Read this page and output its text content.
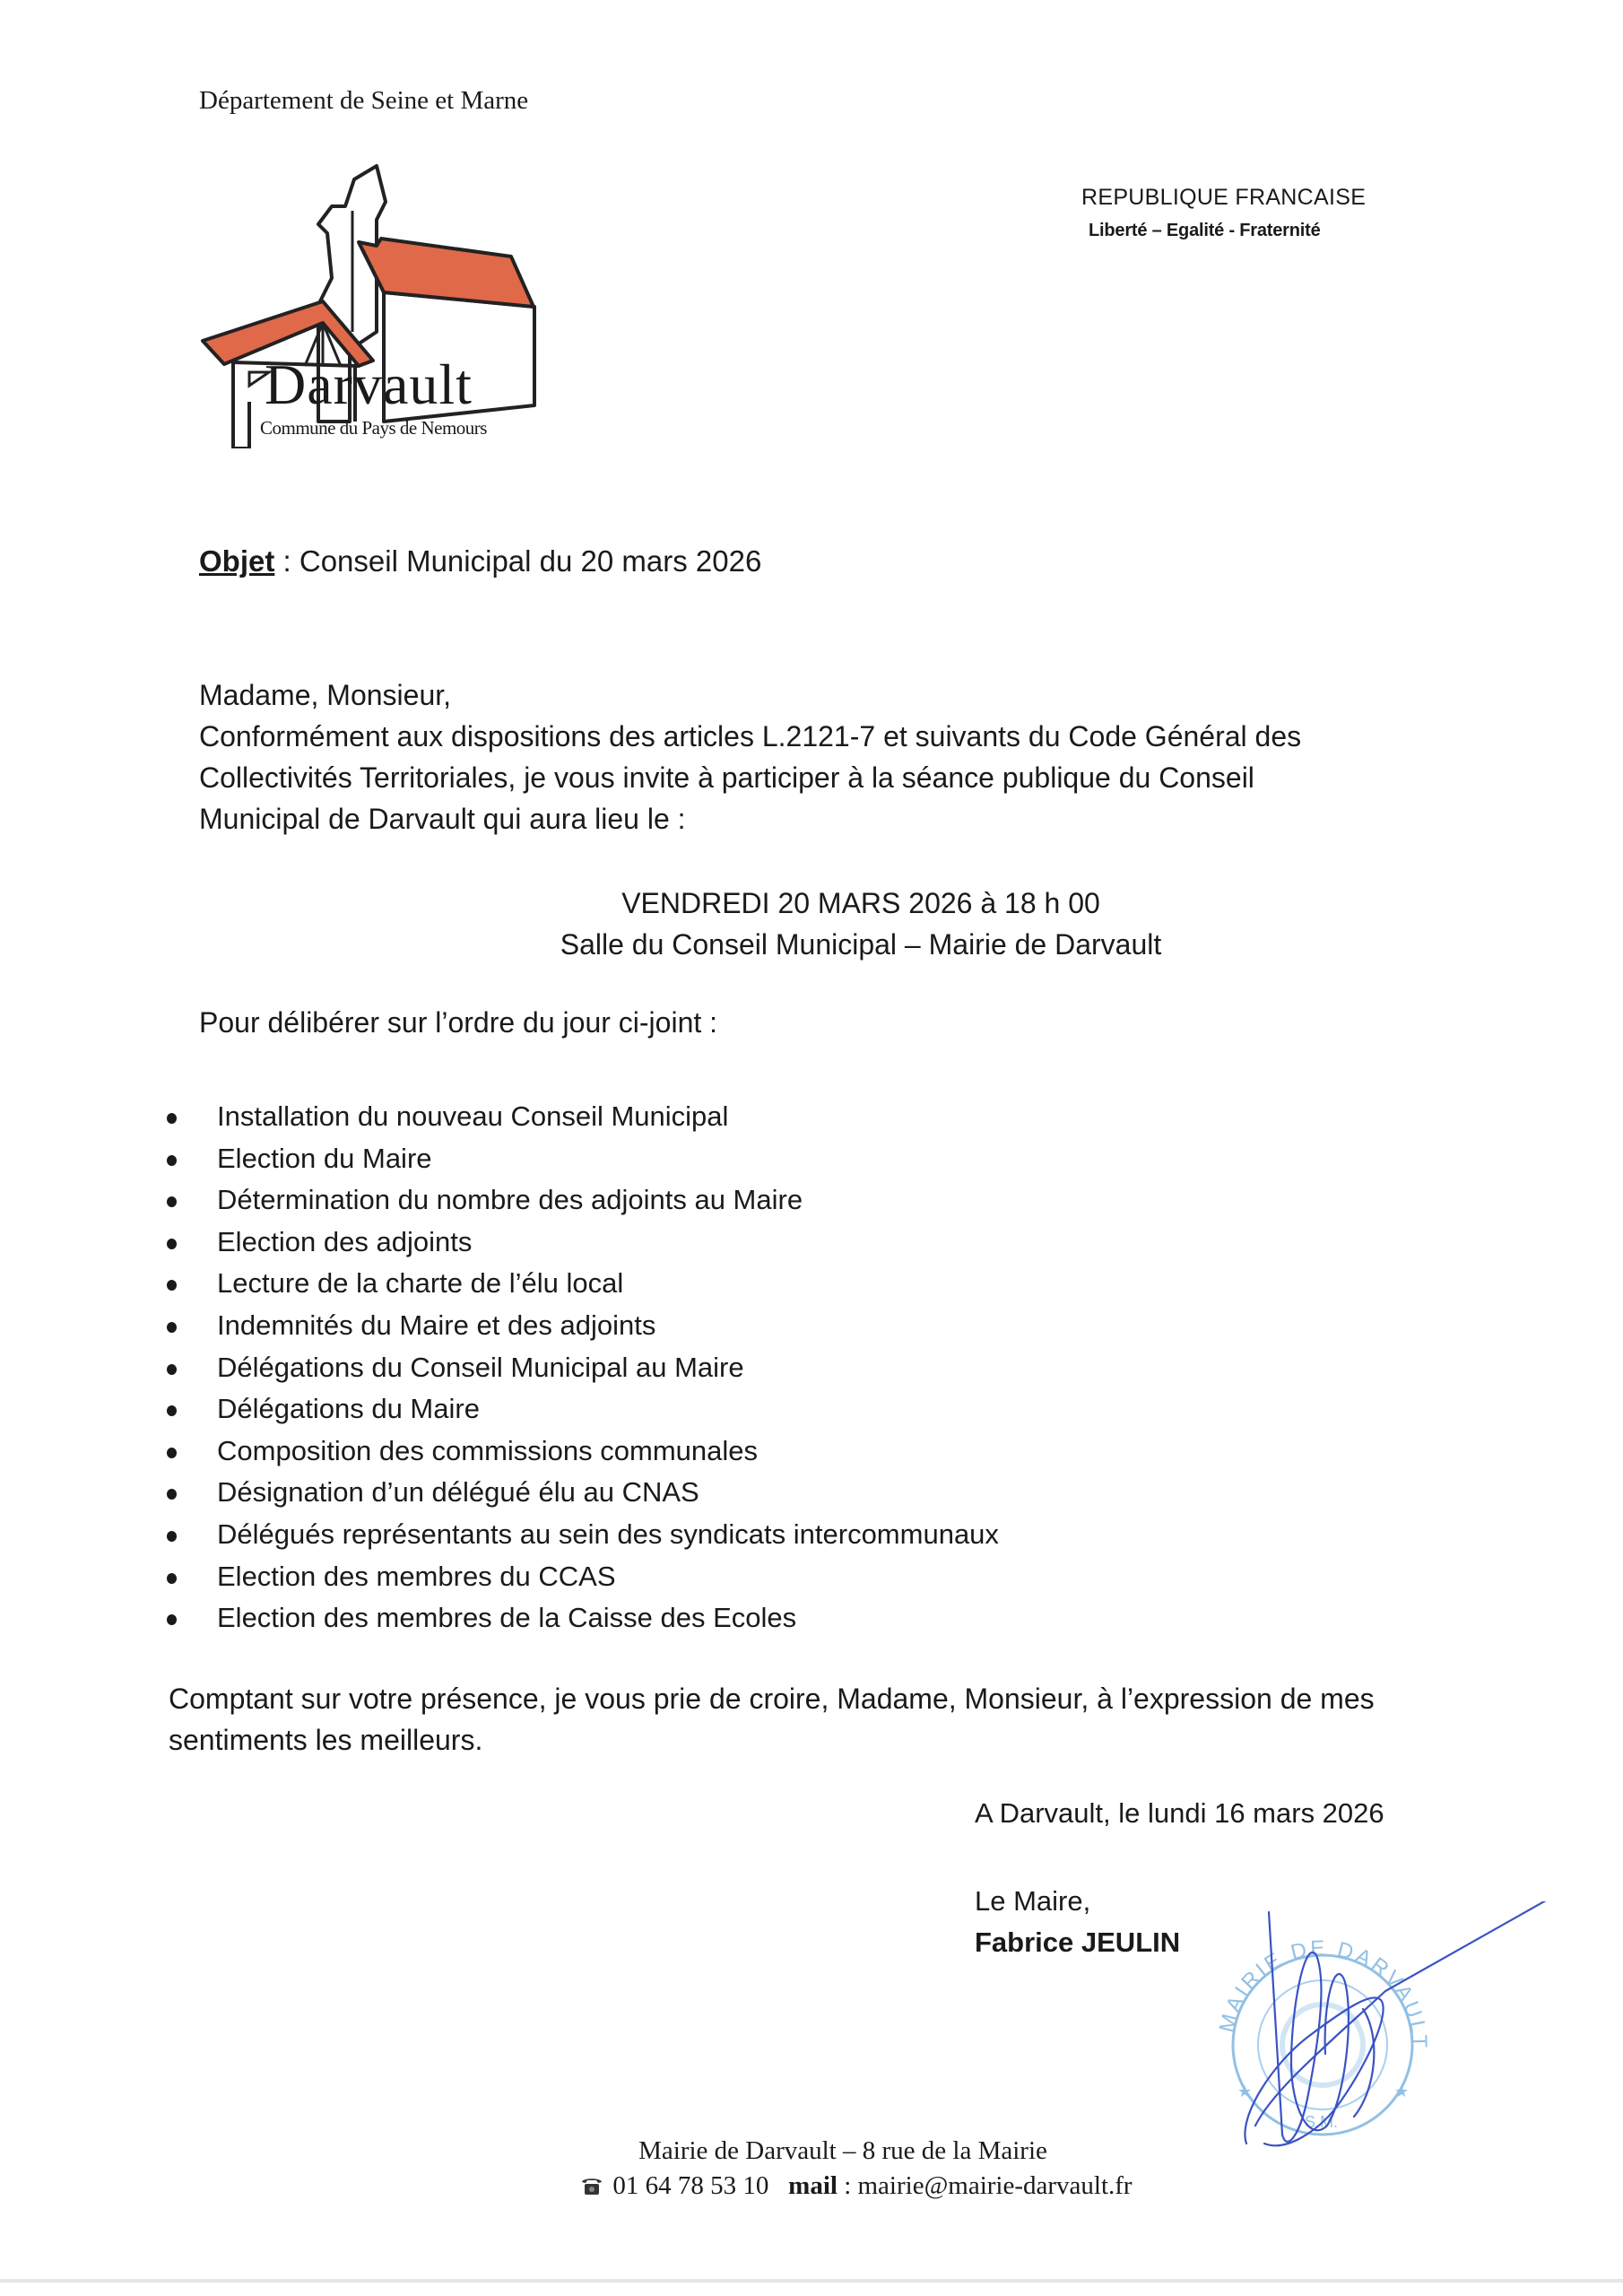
Département de Seine et Marne
REPUBLIQUE FRANCAISE
Liberté – Egalité - Fraternité
Darvault
Commune du Pays de Nemours
Objet : Conseil Municipal du 20 mars 2026
Madame, Monsieur,
Conformément aux dispositions des articles L.2121-7 et suivants du Code Général des
Collectivités Territoriales, je vous invite à participer à la séance publique du Conseil
Municipal de Darvault qui aura lieu le :
VENDREDI 20 MARS 2026 à 18 h 00
Salle du Conseil Municipal – Mairie de Darvault
Pour délibérer sur l’ordre du jour ci-joint :
Installation du nouveau Conseil Municipal
Election du Maire
Détermination du nombre des adjoints au Maire
Election des adjoints
Lecture de la charte de l’élu local
Indemnités du Maire et des adjoints
Délégations du Conseil Municipal au Maire
Délégations du Maire
Composition des commissions communales
Désignation d’un délégué élu au CNAS
Délégués représentants au sein des syndicats intercommunaux
Election des membres du CCAS
Election des membres de la Caisse des Ecoles
Comptant sur votre présence, je vous prie de croire, Madame, Monsieur, à l’expression de mes
sentiments les meilleurs.
A Darvault, le lundi 16 mars 2026
Le Maire,
Fabrice JEULIN
MAIRIE DE DARVAULT
★	★
S.M.
Mairie de Darvault – 8 rue de la Mairie
01 64 78 53 10 mail : mairie@mairie-darvault.fr
